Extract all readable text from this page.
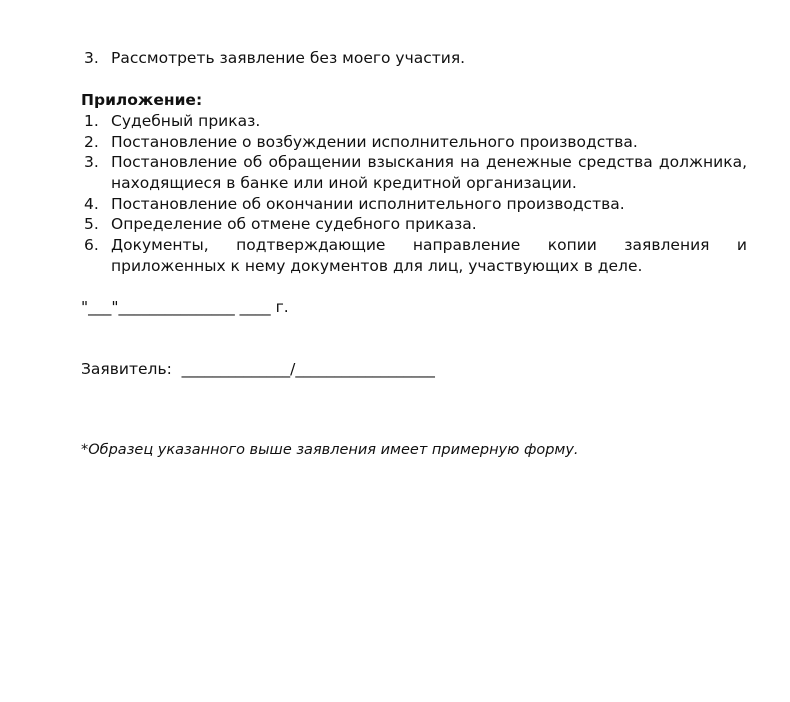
3. Рассмотреть заявление без моего участия.
Приложение:
1. Судебный приказ.
2. Постановление о возбуждении исполнительного производства.
3. Постановление об обращении взыскания на денежные средства должника, находящиеся в банке или иной кредитной организации.
4. Постановление об окончании исполнительного производства.
5. Определение об отмене судебного приказа.
6. Документы, подтверждающие направление копии заявления и приложенных к нему документов для лиц, участвующих в деле.
"___"_______________ ____ г.
Заявитель:  ______________/__________________
*Образец указанного выше заявления имеет примерную форму.
